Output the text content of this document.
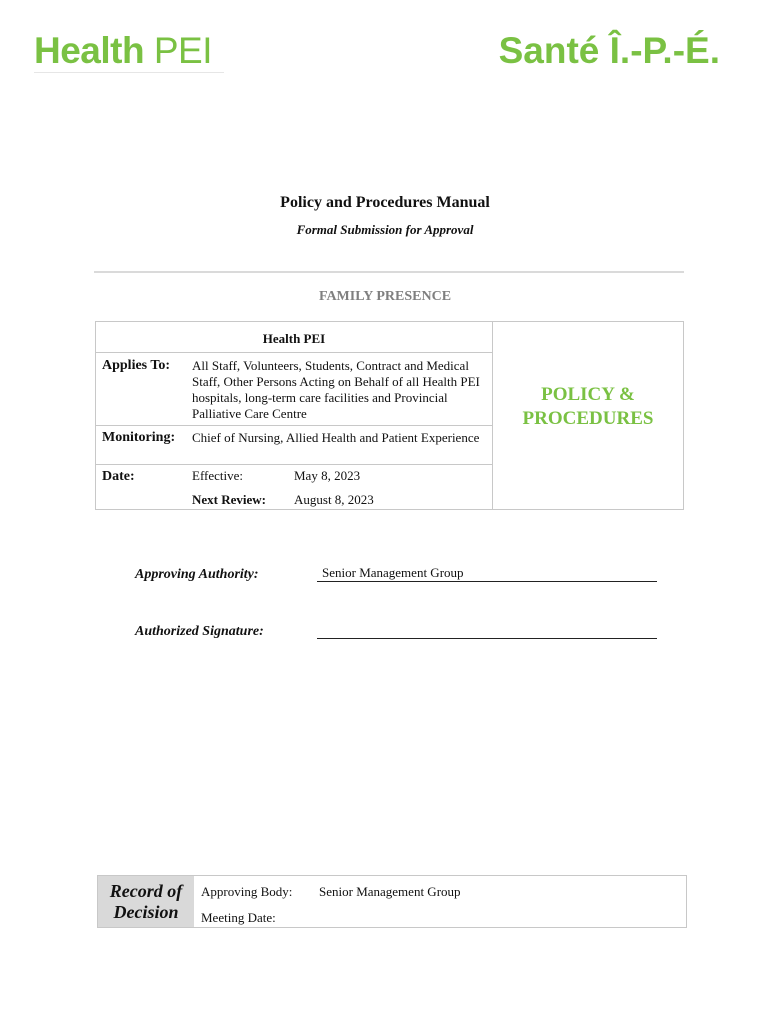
Health PEI	Santé Î.-P.-É.
Policy and Procedures Manual
Formal Submission for Approval
FAMILY PRESENCE
Health PEI
Applies To: All Staff, Volunteers, Students, Contract and Medical Staff, Other Persons Acting on Behalf of all Health PEI hospitals, long-term care facilities and Provincial Palliative Care Centre
Monitoring: Chief of Nursing, Allied Health and Patient Experience
Date:	Effective:	May 8, 2023
Next Review: August 8, 2023
POLICY &
PROCEDURES
Approving Authority:	Senior Management Group
Authorized Signature:
Record of
Decision
Approving Body: Senior Management Group
Meeting Date:
